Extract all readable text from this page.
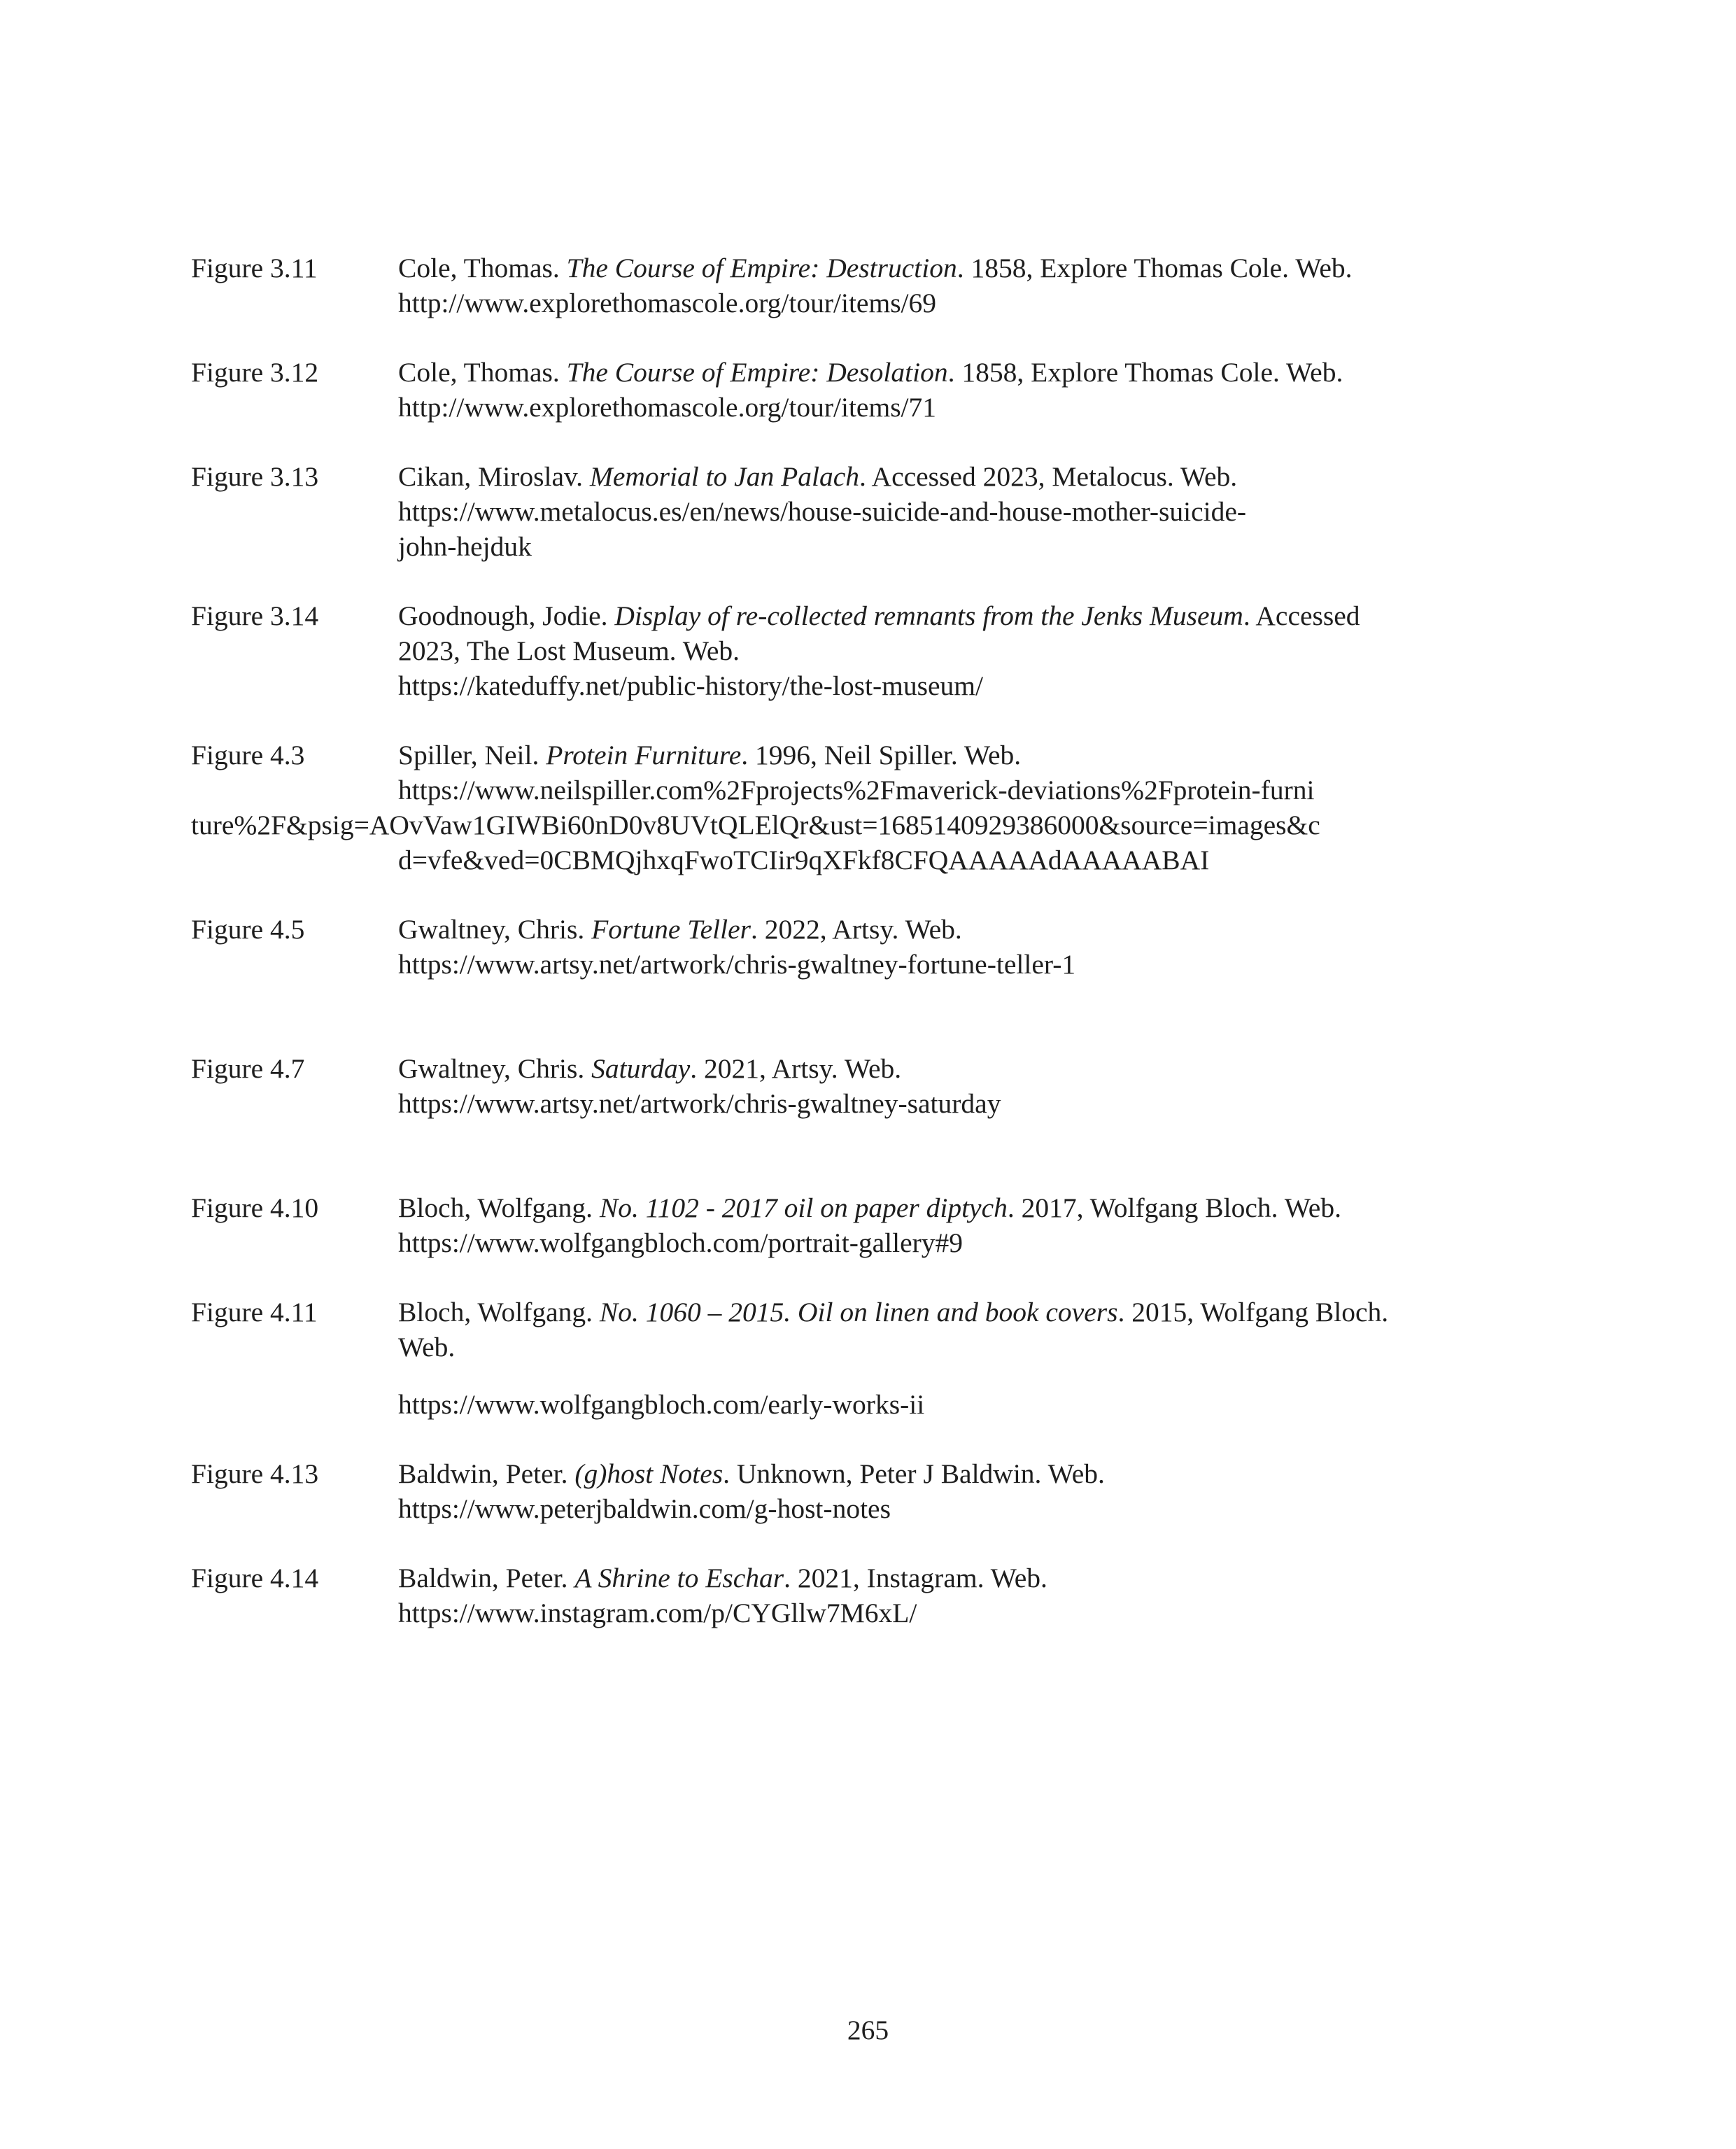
Figure 3.11	Cole, Thomas. The Course of Empire: Destruction. 1858, Explore Thomas Cole. Web.
http://www.explorethomascole.org/tour/items/69
Figure 3.12	Cole, Thomas. The Course of Empire: Desolation. 1858, Explore Thomas Cole. Web.
http://www.explorethomascole.org/tour/items/71
Figure 3.13	Cikan, Miroslav. Memorial to Jan Palach. Accessed 2023, Metalocus. Web.
https://www.metalocus.es/en/news/house-suicide-and-house-mother-suicide-
john-hejduk
Figure 3.14	Goodnough, Jodie. Display of re-collected remnants from the Jenks Museum. Accessed
2023, The Lost Museum. Web.
https://kateduffy.net/public-history/the-lost-museum/
Figure 4.3	Spiller, Neil. Protein Furniture. 1996, Neil Spiller. Web.
https://www.neilspiller.com%2Fprojects%2Fmaverick-deviations%2Fprotein-furni
ture%2F&psig=AOvVaw1GIWBi60nD0v8UVtQLElQr&ust=1685140929386000&source=images&c
d=vfe&ved=0CBMQjhxqFwoTCIir9qXFkf8CFQAAAAAdAAAAABAI
Figure 4.5	Gwaltney, Chris. Fortune Teller. 2022, Artsy. Web.
https://www.artsy.net/artwork/chris-gwaltney-fortune-teller-1
Figure 4.7	Gwaltney, Chris. Saturday. 2021, Artsy. Web.
https://www.artsy.net/artwork/chris-gwaltney-saturday
Figure 4.10	Bloch, Wolfgang. No. 1102 - 2017 oil on paper diptych. 2017, Wolfgang Bloch. Web.
https://www.wolfgangbloch.com/portrait-gallery#9
Figure 4.11	Bloch, Wolfgang. No. 1060 – 2015. Oil on linen and book covers. 2015, Wolfgang Bloch.
Web.
https://www.wolfgangbloch.com/early-works-ii
Figure 4.13	Baldwin, Peter. (g)host Notes. Unknown, Peter J Baldwin. Web.
https://www.peterjbaldwin.com/g-host-notes
Figure 4.14	Baldwin, Peter. A Shrine to Eschar. 2021, Instagram. Web.
https://www.instagram.com/p/CYGllw7M6xL/
265
